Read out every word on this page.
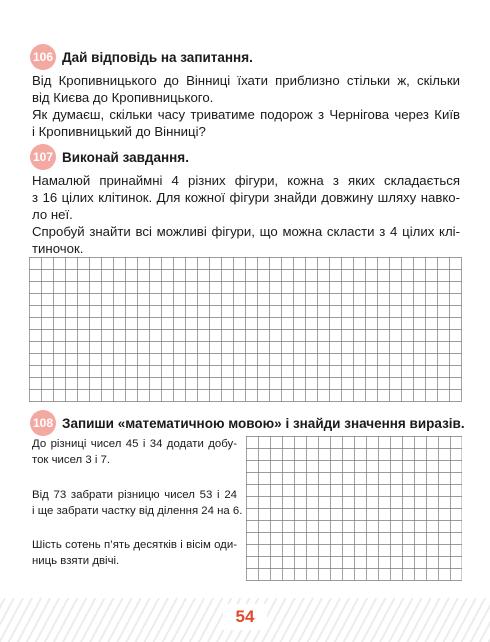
106 Дай відповідь на запитання.
Від Кропивницького до Вінниці їхати приблизно стільки ж, скільки
від Києва до Кропивницького.
Як думаєш, скільки часу триватиме подорож з Чернігова через Київ
і Кропивницький до Вінниці?
107 Виконай завдання.
Намалюй принаймні 4 різних фігури, кожна з яких складається
з 16 цілих клітинок. Для кожної фігури знайди довжину шляху навко-
ло неї.
Спробуй знайти всі можливі фігури, що можна скласти з 4 цілих клі-
тиночок.
108 Запиши «математичною мовою» і знайди значення виразів.
До різниці чисел 45 і 34 додати добу-
ток чисел 3 і 7.
Від 73 забрати різницю чисел 53 і 24
і ще забрати частку від ділення 24 на 6.
Шість сотень п’ять десятків і вісім оди-
ниць взяти двічі.
54
